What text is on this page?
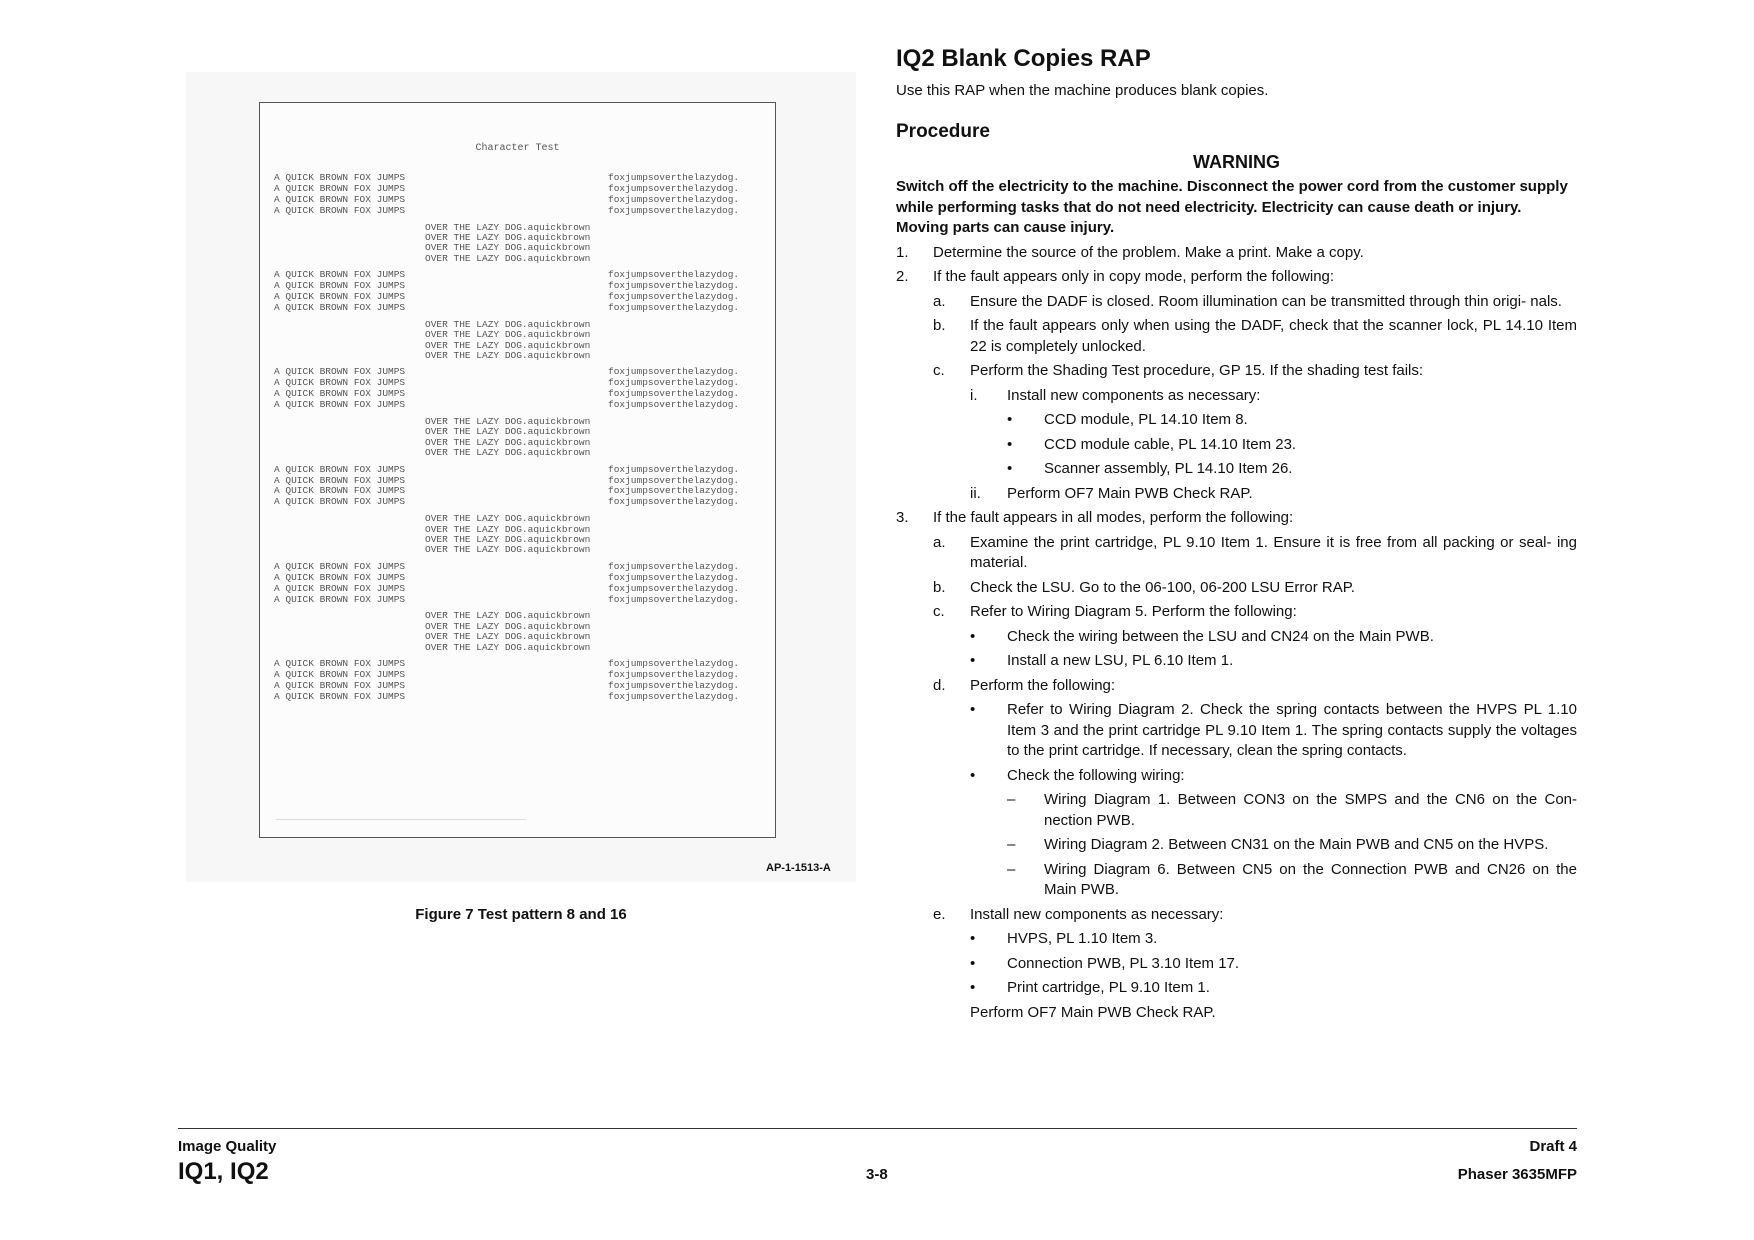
Character Test
A QUICK BROWN FOX JUMPS	foxjumpsoverthelazydog.
A QUICK BROWN FOX JUMPS	foxjumpsoverthelazydog.
A QUICK BROWN FOX JUMPS	foxjumpsoverthelazydog.
A QUICK BROWN FOX JUMPS	foxjumpsoverthelazydog.
OVER THE LAZY DOG.aquickbrown
OVER THE LAZY DOG.aquickbrown
OVER THE LAZY DOG.aquickbrown
OVER THE LAZY DOG.aquickbrown
A QUICK BROWN FOX JUMPS	foxjumpsoverthelazydog.
A QUICK BROWN FOX JUMPS	foxjumpsoverthelazydog.
A QUICK BROWN FOX JUMPS	foxjumpsoverthelazydog.
A QUICK BROWN FOX JUMPS	foxjumpsoverthelazydog.
OVER THE LAZY DOG.aquickbrown
OVER THE LAZY DOG.aquickbrown
OVER THE LAZY DOG.aquickbrown
OVER THE LAZY DOG.aquickbrown
A QUICK BROWN FOX JUMPS	foxjumpsoverthelazydog.
A QUICK BROWN FOX JUMPS	foxjumpsoverthelazydog.
A QUICK BROWN FOX JUMPS	foxjumpsoverthelazydog.
A QUICK BROWN FOX JUMPS	foxjumpsoverthelazydog.
OVER THE LAZY DOG.aquickbrown
OVER THE LAZY DOG.aquickbrown
OVER THE LAZY DOG.aquickbrown
OVER THE LAZY DOG.aquickbrown
A QUICK BROWN FOX JUMPS	foxjumpsoverthelazydog.
A QUICK BROWN FOX JUMPS	foxjumpsoverthelazydog.
A QUICK BROWN FOX JUMPS	foxjumpsoverthelazydog.
A QUICK BROWN FOX JUMPS	foxjumpsoverthelazydog.
OVER THE LAZY DOG.aquickbrown
OVER THE LAZY DOG.aquickbrown
OVER THE LAZY DOG.aquickbrown
OVER THE LAZY DOG.aquickbrown
A QUICK BROWN FOX JUMPS	foxjumpsoverthelazydog.
A QUICK BROWN FOX JUMPS	foxjumpsoverthelazydog.
A QUICK BROWN FOX JUMPS	foxjumpsoverthelazydog.
A QUICK BROWN FOX JUMPS	foxjumpsoverthelazydog.
OVER THE LAZY DOG.aquickbrown
OVER THE LAZY DOG.aquickbrown
OVER THE LAZY DOG.aquickbrown
OVER THE LAZY DOG.aquickbrown
A QUICK BROWN FOX JUMPS	foxjumpsoverthelazydog.
A QUICK BROWN FOX JUMPS	foxjumpsoverthelazydog.
A QUICK BROWN FOX JUMPS	foxjumpsoverthelazydog.
A QUICK BROWN FOX JUMPS	foxjumpsoverthelazydog.
AP-1-1513-A
Figure 7 Test pattern 8 and 16
IQ2 Blank Copies RAP
Use this RAP when the machine produces blank copies.
Procedure
WARNING
Switch off the electricity to the machine. Disconnect the power cord from the customer supply while performing tasks that do not need electricity. Electricity can cause death or injury. Moving parts can cause injury.
1.	Determine the source of the problem. Make a print. Make a copy.
2.	If the fault appears only in copy mode, perform the following:
a.	Ensure the DADF is closed. Room illumination can be transmitted through thin origi- nals.
b.	If the fault appears only when using the DADF, check that the scanner lock, PL 14.10 Item 22 is completely unlocked.
c.	Perform the Shading Test procedure, GP 15. If the shading test fails:
i.	Install new components as necessary:
•	CCD module, PL 14.10 Item 8.
•	CCD module cable, PL 14.10 Item 23.
•	Scanner assembly, PL 14.10 Item 26.
ii.	Perform OF7 Main PWB Check RAP.
3.	If the fault appears in all modes, perform the following:
a.	Examine the print cartridge, PL 9.10 Item 1. Ensure it is free from all packing or seal- ing material.
b.	Check the LSU. Go to the 06-100, 06-200 LSU Error RAP.
c.	Refer to Wiring Diagram 5. Perform the following:
•	Check the wiring between the LSU and CN24 on the Main PWB.
•	Install a new LSU, PL 6.10 Item 1.
d.	Perform the following:
•	Refer to Wiring Diagram 2. Check the spring contacts between the HVPS PL 1.10 Item 3 and the print cartridge PL 9.10 Item 1. The spring contacts supply the voltages to the print cartridge. If necessary, clean the spring contacts.
•	Check the following wiring:
–	Wiring Diagram 1. Between CON3 on the SMPS and the CN6 on the Con- nection PWB.
–	Wiring Diagram 2. Between CN31 on the Main PWB and CN5 on the HVPS.
–	Wiring Diagram 6. Between CN5 on the Connection PWB and CN26 on the Main PWB.
e.	Install new components as necessary:
•	HVPS, PL 1.10 Item 3.
•	Connection PWB, PL 3.10 Item 17.
•	Print cartridge, PL 9.10 Item 1.
Perform OF7 Main PWB Check RAP.
Image Quality
IQ1, IQ2	3-8
Draft 4
Phaser 3635MFP
